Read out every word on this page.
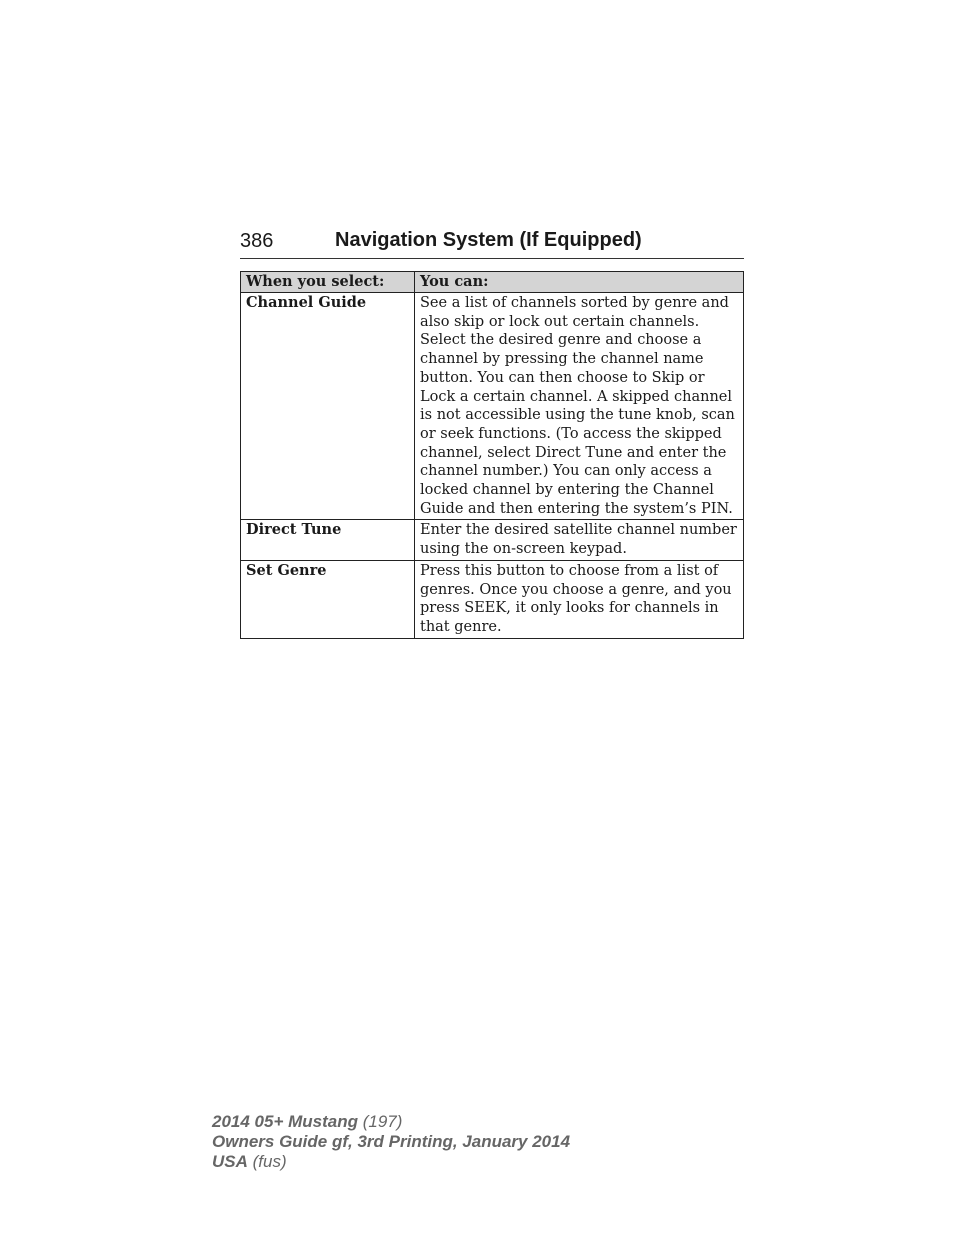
386	Navigation System (If Equipped)
When you select:	You can:
Channel Guide	See a list of channels sorted by genre and also skip or lock out certain channels. Select the desired genre and choose a channel by pressing the channel name button. You can then choose to Skip or Lock a certain channel. A skipped channel is not accessible using the tune knob, scan or seek functions. (To access the skipped channel, select Direct Tune and enter the channel number.) You can only access a locked channel by entering the Channel Guide and then entering the system’s PIN.
Direct Tune	Enter the desired satellite channel number using the on-screen keypad.
Set Genre	Press this button to choose from a list of genres. Once you choose a genre, and you press SEEK, it only looks for channels in that genre.
2014 05+ Mustang (197)
Owners Guide gf, 3rd Printing, January 2014
USA (fus)
